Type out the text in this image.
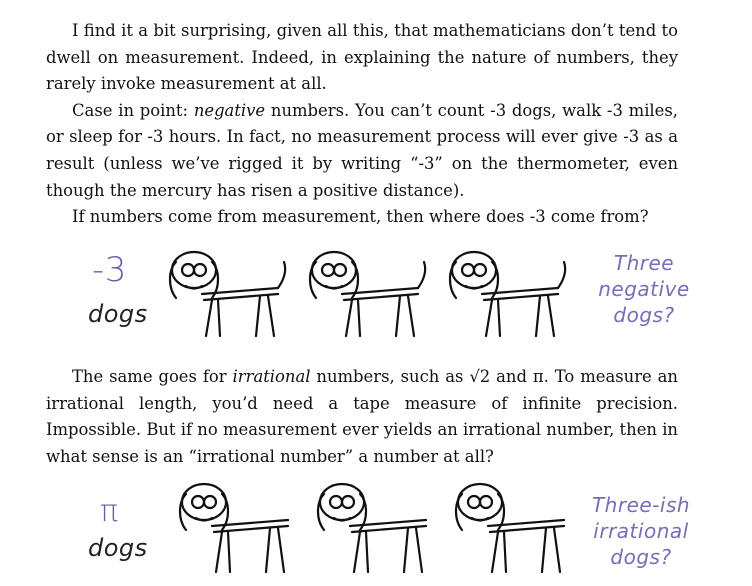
I find it a bit surprising, given all this, that mathematicians don’t tend to dwell on measurement. Indeed, in explaining the nature of numbers, they rarely invoke measurement at all.

Case in point: negative numbers. You can’t count -3 dogs, walk -3 miles, or sleep for -3 hours. In fact, no measurement process will ever give -3 as a result (unless we’ve rigged it by writing “-3” on the thermometer, even though the mercury has risen a positive distance).

If numbers come from measurement, then where does -3 come from?

-3
dogs
Three
negative
dogs?

The same goes for irrational numbers, such as √2 and π. To measure an irrational length, you’d need a tape measure of infinite precision. Impossible. But if no measurement ever yields an irrational number, then in what sense is an “irrational number” a number at all?

π
dogs
Three-ish
irrational
dogs?
